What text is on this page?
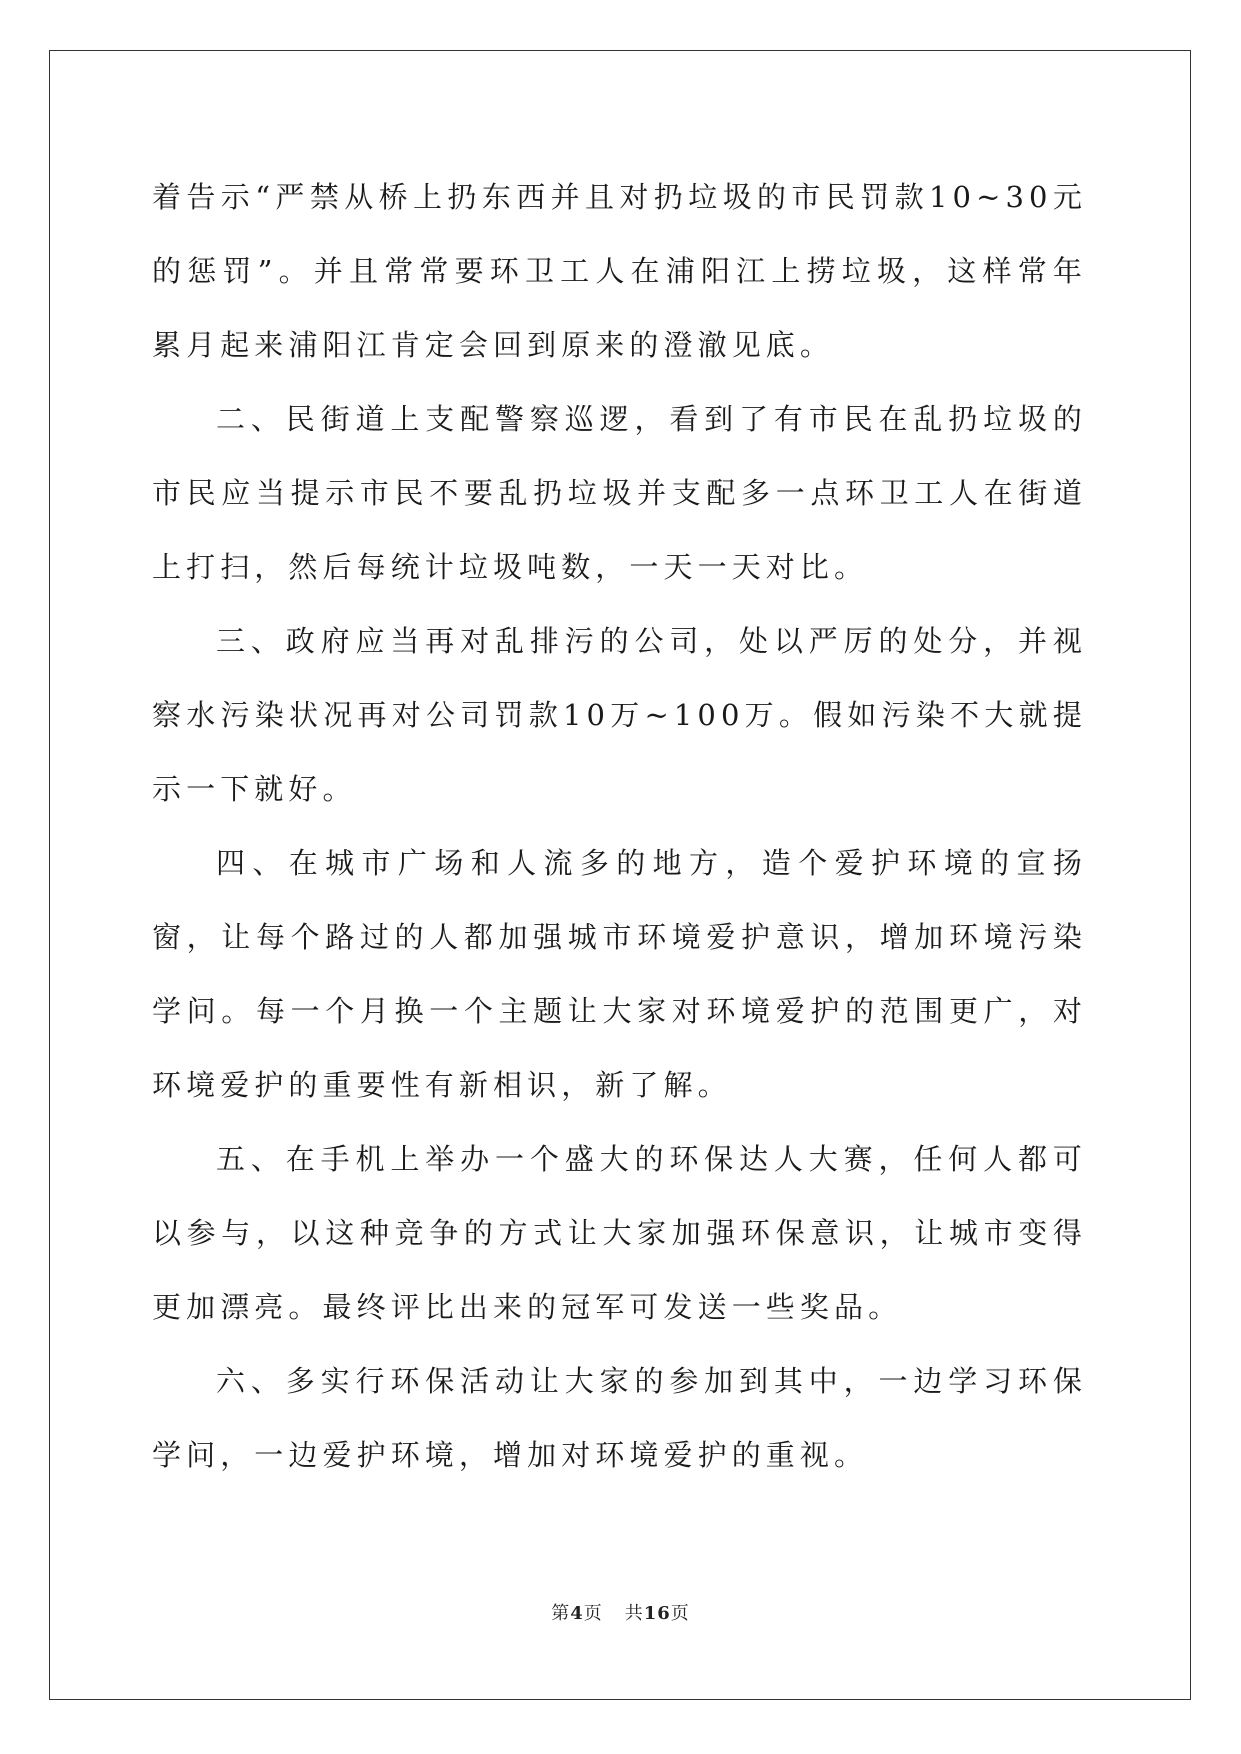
着告示“严禁从桥上扔东西并且对扔垃圾的市民罚款10~30元的惩罚”。并且常常要环卫工人在浦阳江上捞垃圾，这样常年累月起来浦阳江肯定会回到原来的澄澈见底。

二、民街道上支配警察巡逻，看到了有市民在乱扔垃圾的市民应当提示市民不要乱扔垃圾并支配多一点环卫工人在街道上打扫，然后每统计垃圾吨数，一天一天对比。

三、政府应当再对乱排污的公司，处以严厉的处分，并视察水污染状况再对公司罚款10万~100万。假如污染不大就提示一下就好。

四、在城市广场和人流多的地方，造个爱护环境的宣扬窗，让每个路过的人都加强城市环境爱护意识，增加环境污染学问。每一个月换一个主题让大家对环境爱护的范围更广，对环境爱护的重要性有新相识，新了解。

五、在手机上举办一个盛大的环保达人大赛，任何人都可以参与，以这种竞争的方式让大家加强环保意识，让城市变得更加漂亮。最终评比出来的冠军可发送一些奖品。

六、多实行环保活动让大家的参加到其中，一边学习环保学问，一边爱护环境，增加对环境爱护的重视。

第4页 共16页
